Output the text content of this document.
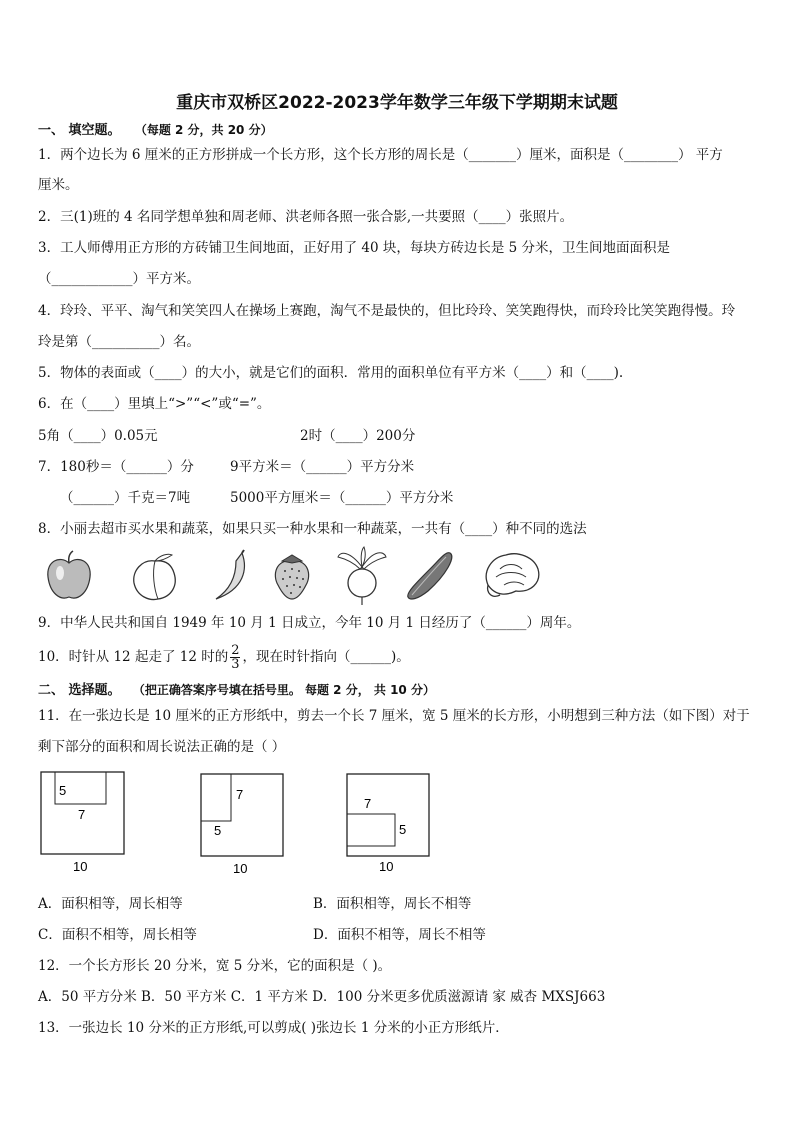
重庆市双桥区2022-2023学年数学三年级下学期期末试题
一、 填空题。 （每题 2 分，共 20 分）
1．两个边长为 6 厘米的正方形拼成一个长方形，这个长方形的周长是（_______）厘米，面积是（________） 平方
厘米。
2．三(1)班的 4 名同学想单独和周老师、洪老师各照一张合影,一共要照（____）张照片。
3．工人师傅用正方形的方砖铺卫生间地面，正好用了 40 块，每块方砖边长是 5 分米，卫生间地面面积是
（____________）平方米。
4．玲玲、平平、淘气和笑笑四人在操场上赛跑，淘气不是最快的，但比玲玲、笑笑跑得快，而玲玲比笑笑跑得慢。玲
玲是第（__________）名。
5．物体的表面或（____）的大小，就是它们的面积．常用的面积单位有平方米（____）和（____).
6．在（____）里填上“>”“<”或“=”。
5角（____）0.05元	2时（____）200分
7．180秒＝（______）分	9平方米＝（______）平方分米
（______）千克＝7吨	5000平方厘米＝（______）平方分米
8．小丽去超市买水果和蔬菜，如果只买一种水果和一种蔬菜，一共有（____）种不同的选法
9．中华人民共和国自 1949 年 10 月 1 日成立，今年 10 月 1 日经历了（______）周年。
10．时针从 12 起走了 12 时的 $\frac{2}{3}$ ，现在时针指向（______)。
二、 选择题。 （把正确答案序号填在括号里。 每题 2 分， 共 10 分）
11．在一张边长是 10 厘米的正方形纸中，剪去一个长 7 厘米，宽 5 厘米的长方形，小明想到三种方法（如下图）对于
剩下部分的面积和周长说法正确的是（ ）
5
7
10
7
5
10
7
5
10
A．面积相等，周长相等	B．面积相等，周长不相等
C．面积不相等，周长相等	D．面积不相等，周长不相等
12．一个长方形长 20 分米，宽 5 分米，它的面积是（ )。
A．50 平方分米 B．50 平方米 C．1 平方米 D．100 分米更多优质滋源请 家 威杏 MXSJ663
13．一张边长 10 分米的正方形纸,可以剪成( )张边长 1 分米的小正方形纸片．
